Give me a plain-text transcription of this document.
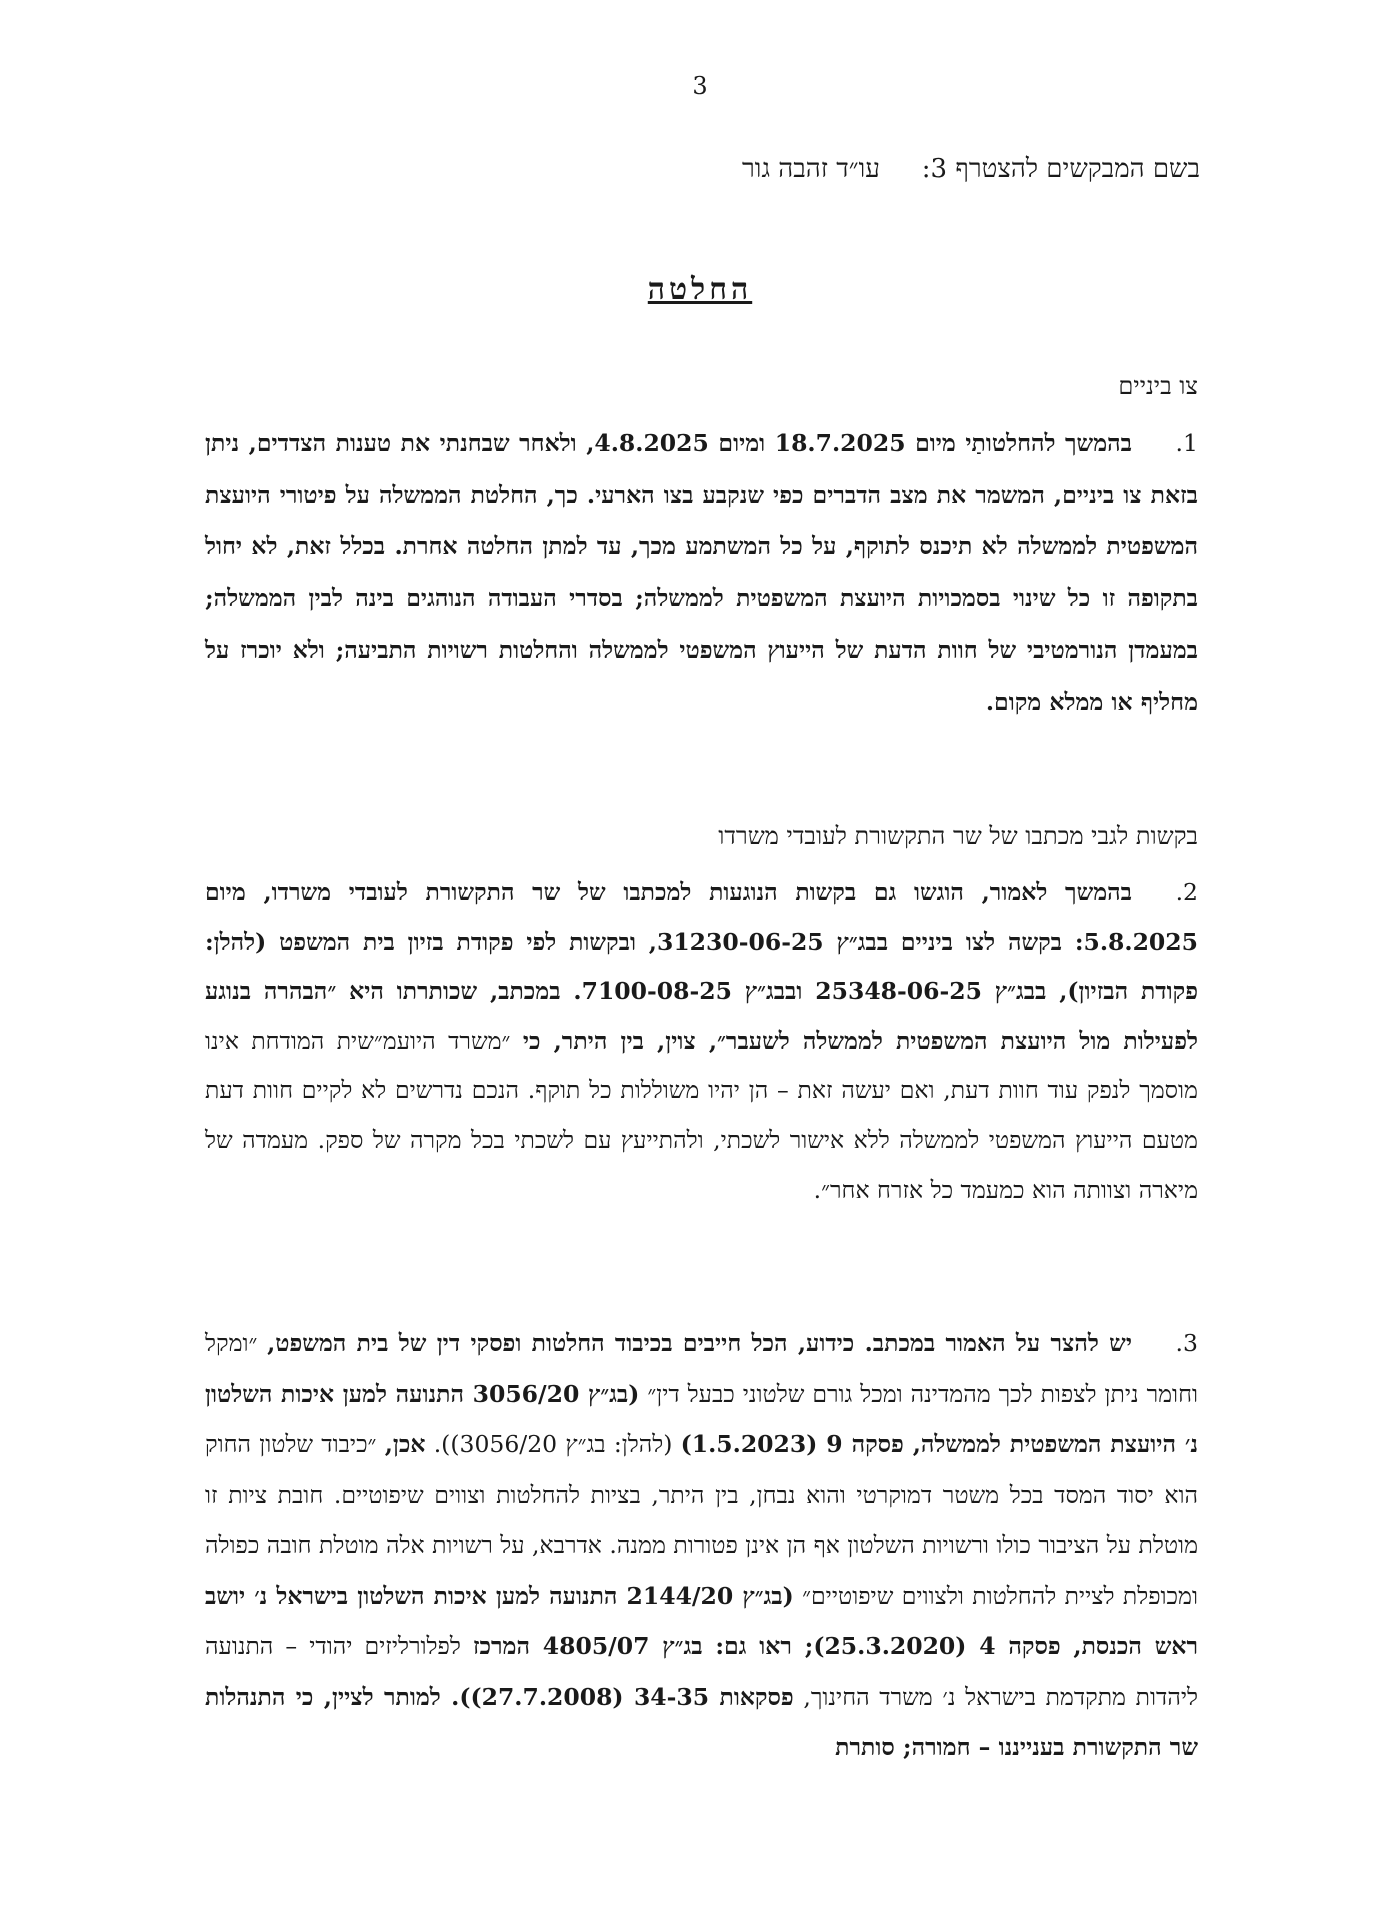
3
בשם המבקשים להצטרף 3:עו״ד זהבה גור
החלטה
צו ביניים

1.בהמשך להחלטותַי מיום 18.7.2025 ומיום 4.8.2025, ולאחר שבחנתי את טענות הצדדים, ניתן בזאת צו ביניים, המשמר את מצב הדברים כפי שנקבע בצו הארעי. כך, החלטת הממשלה על פיטורי היועצת המשפטית לממשלה לא תיכנס לתוקף, על כל המשתמע מכך, עד למתן החלטה אחרת. בכלל זאת, לא יחול בתקופה זו כל שינוי בסמכויות היועצת המשפטית לממשלה; בסדרי העבודה הנוהגים בינה לבין הממשלה; במעמדן הנורמטיבי של חוות הדעת של הייעוץ המשפטי לממשלה והחלטות רשויות התביעה; ולא יוכרז על מחליף או ממלא מקום.

בקשות לגבי מכתבו של שר התקשורת לעובדי משרדו

2.בהמשך לאמור, הוגשו גם בקשות הנוגעות למכתבו של שר התקשורת לעובדי משרדו, מיום 5.8.2025: בקשה לצו ביניים בבג״ץ 31230-06-25, ובקשות לפי פקודת בזיון בית המשפט (להלן: פקודת הבזיון), בבג״ץ 25348-06-25 ובבג״ץ 7100-08-25. במכתב, שכותרתו היא ״הבהרה בנוגע לפעילות מול היועצת המשפטית לממשלה לשעבר״, צוין, בין היתר, כי ״משרד היועמ״שית המודחת אינו מוסמך לנפק עוד חוות דעת, ואם יעשה זאת – הן יהיו משוללות כל תוקף. הנכם נדרשים לא לקיים חוות דעת מטעם הייעוץ המשפטי לממשלה ללא אישור לשכתי, ולהתייעץ עם לשכתי בכל מקרה של ספק. מעמדה של מיארה וצוותה הוא כמעמד כל אזרח אחר״.

3.יש להצר על האמור במכתב. כידוע, הכל חייבים בכיבוד החלטות ופסקי דין של בית המשפט, ״ומקל וחומר ניתן לצפות לכך מהמדינה ומכל גורם שלטוני כבעל דין״ (בג״ץ 3056/20 התנועה למען איכות השלטון נ׳ היועצת המשפטית לממשלה, פסקה 9 (1.5.2023) (להלן: בג״ץ 3056/20)). אכן, ״כיבוד שלטון החוק הוא יסוד המסד בכל משטר דמוקרטי והוא נבחן, בין היתר, בציות להחלטות וצווים שיפוטיים. חובת ציות זו מוטלת על הציבור כולו ורשויות השלטון אף הן אינן פטורות ממנה. אדרבא, על רשויות אלה מוטלת חובה כפולה ומכופלת לציית להחלטות ולצווים שיפוטיים״ (בג״ץ 2144/20 התנועה למען איכות השלטון בישראל נ׳ יושב ראש הכנסת, פסקה 4 (25.3.2020); ראו גם: בג״ץ 4805/07 המרכז לפלורליזים יהודי – התנועה ליהדות מתקדמת בישראל נ׳ משרד החינוך, פסקאות 34-35 (27.7.2008)). למותר לציין, כי התנהלות שר התקשורת בענייננו – חמורה; סותרת
